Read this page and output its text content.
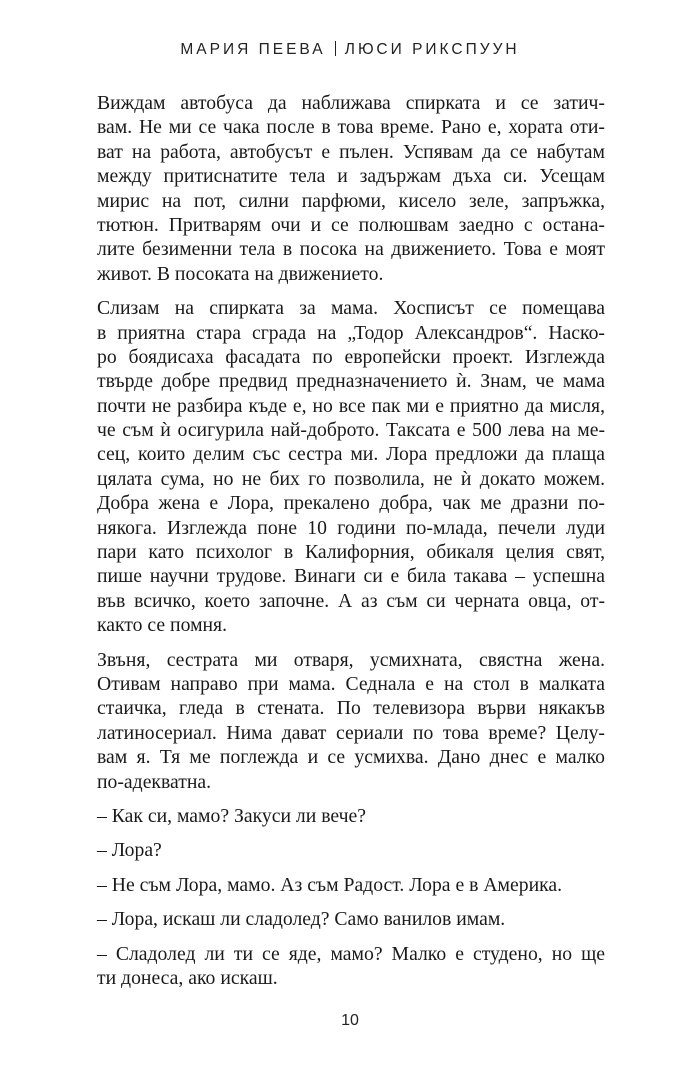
МАРИЯ ПЕЕВА ЛЮСИ РИКСПУУН
Виждам автобуса да наближава спирката и се затич-
вам. Не ми се чака после в това време. Рано е, хората оти-
ват на работа, автобусът е пълен. Успявам да се набутам
между притиснатите тела и задържам дъха си. Усещам
мирис на пот, силни парфюми, кисело зеле, запръжка,
тютюн. Притварям очи и се полюшвам заедно с остана-
лите безименни тела в посока на движението. Това е моят
живот. В посоката на движението.
Слизам на спирката за мама. Хосписът се помещава
в приятна стара сграда на „Тодор Александров“. Наско-
ро боядисаха фасадата по европейски проект. Изглежда
твърде добре предвид предназначението ѝ. Знам, че мама
почти не разбира къде е, но все пак ми е приятно да мисля,
че съм ѝ осигурила най-доброто. Таксата е 500 лева на ме-
сец, които делим със сестра ми. Лора предложи да плаща
цялата сума, но не бих го позволила, не ѝ докато можем.
Добра жена е Лора, прекалено добра, чак ме дразни по-
някога. Изглежда поне 10 години по-млада, печели луди
пари като психолог в Калифорния, обикаля целия свят,
пише научни трудове. Винаги си е била такава – успешна
във всичко, което започне. А аз съм си черната овца, от-
както се помня.
Звъня, сестрата ми отваря, усмихната, свястна жена.
Отивам направо при мама. Седнала е на стол в малката
стаичка, гледа в стената. По телевизора върви някакъв
латиносериал. Нима дават сериали по това време? Целу-
вам я. Тя ме поглежда и се усмихва. Дано днес е малко
по-адекватна.
– Как си, мамо? Закуси ли вече?
– Лора?
– Не съм Лора, мамо. Аз съм Радост. Лора е в Америка.
– Лора, искаш ли сладолед? Само ванилов имам.
– Сладолед ли ти се яде, мамо? Малко е студено, но ще
ти донеса, ако искаш.
10
